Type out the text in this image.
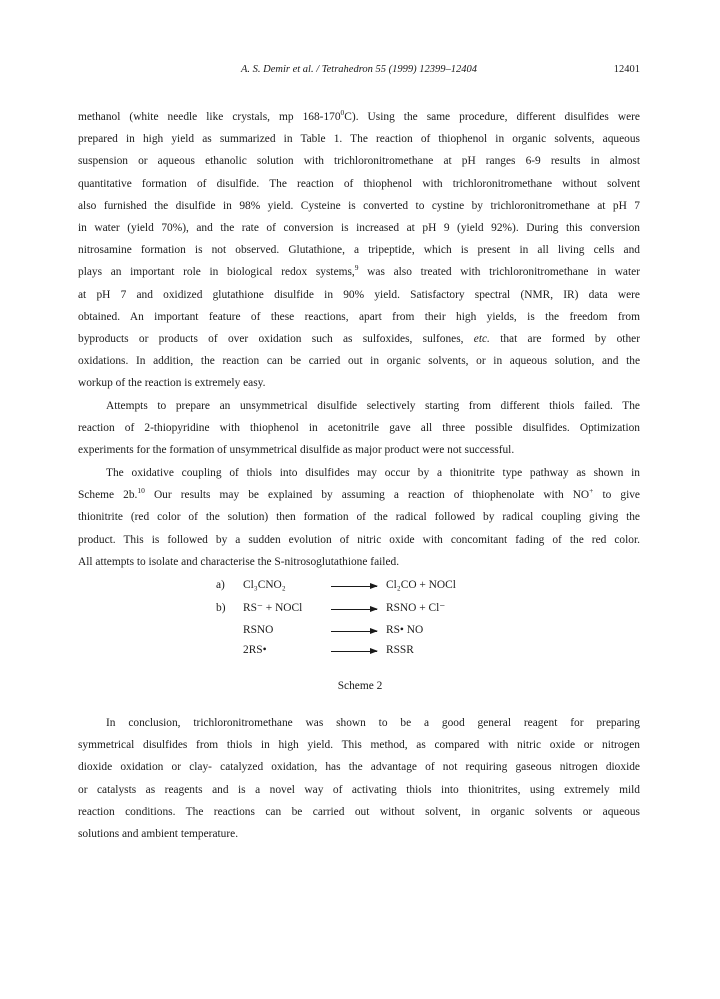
A. S. Demir et al. / Tetrahedron 55 (1999) 12399–12404	12401
methanol (white needle like crystals, mp $168-170^0C$). Using the same procedure, different disulfides were
prepared in high yield as summarized in Table 1. The reaction of thiophenol in organic solvents, aqueous
suspension or aqueous ethanolic solution with trichloronitromethane at pH ranges 6-9 results in almost
quantitative formation of disulfide. The reaction of thiophenol with trichloronitromethane without solvent
also furnished the disulfide in 98% yield. Cysteine is converted to cystine by trichloronitromethane at pH 7
in water (yield 70%), and the rate of conversion is increased at pH 9 (yield 92%). During this conversion
nitrosamine formation is not observed. Glutathione, a tripeptide, which is present in all living cells and
plays an important role in biological redox systems,$^9$ was also treated with trichloronitromethane in water
at pH 7 and oxidized glutathione disulfide in 90% yield. Satisfactory spectral (NMR, IR) data were
obtained. An important feature of these reactions, apart from their high yields, is the freedom from
byproducts or products of over oxidation such as sulfoxides, sulfones, etc. that are formed by other
oxidations. In addition, the reaction can be carried out in organic solvents, or in aqueous solution, and the
workup of the reaction is extremely easy.
Attempts to prepare an unsymmetrical disulfide selectively starting from different thiols failed. The
reaction of 2-thiopyridine with thiophenol in acetonitrile gave all three possible disulfides. Optimization
experiments for the formation of unsymmetrical disulfide as major product were not successful.
The oxidative coupling of thiols into disulfides may occur by a thionitrite type pathway as shown in
Scheme 2b.$^{10}$ Our results may be explained by assuming a reaction of thiophenolate with NO+ to give
thionitrite (red color of the solution) then formation of the radical followed by radical coupling giving the
product. This is followed by a sudden evolution of nitric oxide with concomitant fading of the red color.
All attempts to isolate and characterise the S-nitrosoglutathione failed.
a) Cl₃CNO₂	→ Cl₂CO + NOCl
b) RS⁻ + NOCl → RSNO + Cl⁻
RSNO	→ RS• NO
2RS•	→ RSSR
Scheme 2
In conclusion, trichloronitromethane was shown to be a good general reagent for preparing
symmetrical disulfides from thiols in high yield. This method, as compared with nitric oxide or nitrogen
dioxide oxidation or clay- catalyzed oxidation, has the advantage of not requiring gaseous nitrogen dioxide
or catalysts as reagents and is a novel way of activating thiols into thionitrites, using extremely mild
reaction conditions. The reactions can be carried out without solvent, in organic solvents or aqueous
solutions and ambient temperature.
